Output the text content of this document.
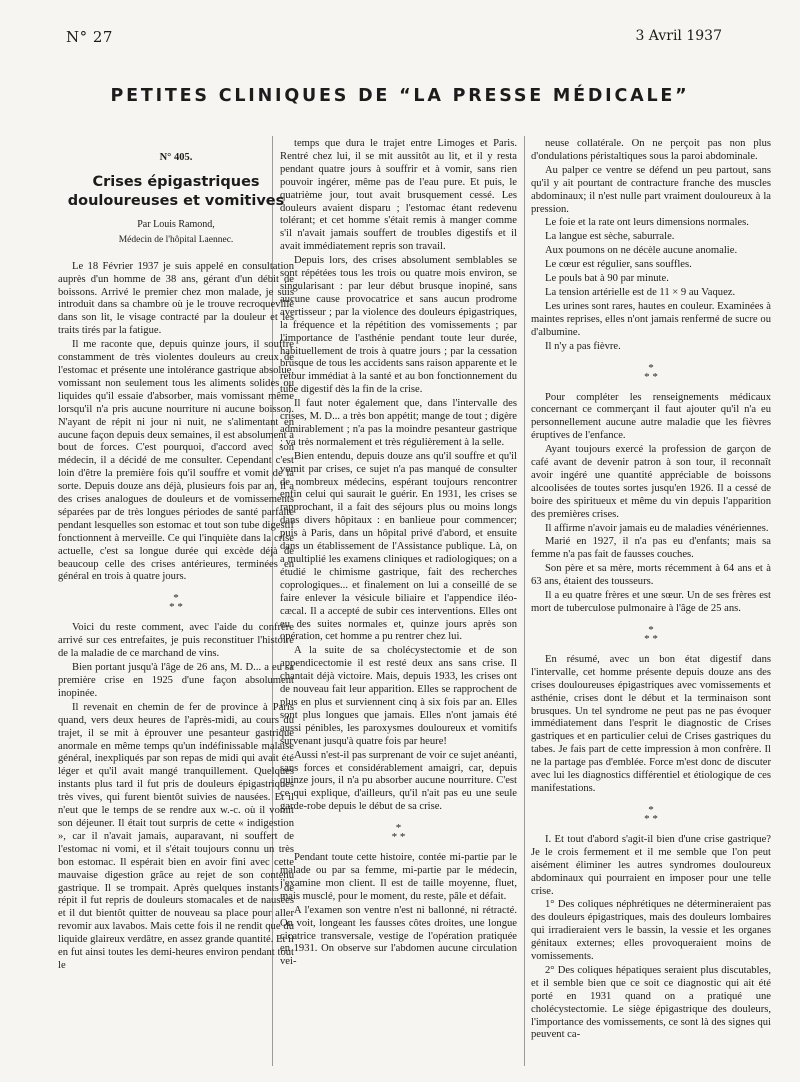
N° 27	3 Avril 1937
PETITES CLINIQUES DE “LA PRESSE MÉDICALE”
N° 405.
Crises épigastriques
douloureuses et vomitives

Par Louis Ramond,

Médecin de l'hôpital Laennec.

Le 18 Février 1937 je suis appelé en consultation auprès d'un homme de 38 ans, gérant d'un débit de boissons. Arrivé le premier chez mon malade, je suis introduit dans sa chambre où je le trouve recroquevillé dans son lit, le visage contracté par la douleur et les traits tirés par la fatigue.

Il me raconte que, depuis quinze jours, il souffre constamment de très violentes douleurs au creux de l'estomac et présente une intolérance gastrique absolue, vomissant non seulement tous les aliments solides ou liquides qu'il essaie d'absorber, mais vomissant même lorsqu'il n'a pris aucune nourriture ni aucune boisson. N'ayant de répit ni jour ni nuit, ne s'alimentant en aucune façon depuis deux semaines, il est absolument à bout de forces. C'est pourquoi, d'accord avec son médecin, il a décidé de me consulter. Cependant c'est loin d'être la première fois qu'il souffre et vomit de la sorte. Depuis douze ans déjà, plusieurs fois par an, il a des crises analogues de douleurs et de vomissements séparées par de très longues périodes de santé parfaite pendant lesquelles son estomac et tout son tube digestif fonctionnent à merveille. Ce qui l'inquiète dans la crise actuelle, c'est sa longue durée qui excède déjà de beaucoup celle des crises antérieures, terminées en général en trois à quatre jours.

*
* *

Voici du reste comment, avec l'aide du confrère arrivé sur ces entrefaites, je puis reconstituer l'histoire de la maladie de ce marchand de vins.

Bien portant jusqu'à l'âge de 26 ans, M. D... a eu sa première crise en 1925 d'une façon absolument inopinée.

Il revenait en chemin de fer de province à Paris quand, vers deux heures de l'après-midi, au cours du trajet, il se mit à éprouver une pesanteur gastrique anormale en même temps qu'un indéfinissable malaise général, inexpliqués par son repas de midi qui avait été léger et qu'il avait mangé tranquillement. Quelques instants plus tard il fut pris de douleurs épigastriques très vives, qui furent bientôt suivies de nausées. Et il n'eut que le temps de se rendre aux w.-c. où il vomit son déjeuner. Il était tout surpris de cette « indigestion », car il n'avait jamais, auparavant, ni souffert de l'estomac ni vomi, et il s'était toujours connu un très bon estomac. Il espérait bien en avoir fini avec cette mauvaise digestion grâce au rejet de son contenu gastrique. Il se trompait. Après quelques instants de répit il fut repris de douleurs stomacales et de nausées et il dut bientôt quitter de nouveau sa place pour aller revomir aux lavabos. Mais cette fois il ne rendit que du liquide glaireux verdâtre, en assez grande quantité. Et il en fut ainsi toutes les demi-heures environ pendant tout le

temps que dura le trajet entre Limoges et Paris. Rentré chez lui, il se mit aussitôt au lit, et il y resta pendant quatre jours à souffrir et à vomir, sans rien pouvoir ingérer, même pas de l'eau pure. Et puis, le quatrième jour, tout avait brusquement cessé. Les douleurs avaient disparu ; l'estomac étant redevenu tolérant; et cet homme s'était remis à manger comme s'il n'avait jamais souffert de troubles digestifs et il avait immédiatement repris son travail.

Depuis lors, des crises absolument semblables se sont répétées tous les trois ou quatre mois environ, se singularisant : par leur début brusque inopiné, sans aucune cause provocatrice et sans aucun prodrome avertisseur ; par la violence des douleurs épigastriques, la fréquence et la répétition des vomissements ; par l'importance de l'asthénie pendant toute leur durée, habituellement de trois à quatre jours ; par la cessation brusque de tous les accidents sans raison apparente et le retour immédiat à la santé et au bon fonctionnement du tube digestif dès la fin de la crise.

Il faut noter également que, dans l'intervalle des crises, M. D... a très bon appétit; mange de tout ; digère admirablement ; n'a pas la moindre pesanteur gastrique ; va très normalement et très régulièrement à la selle.

Bien entendu, depuis douze ans qu'il souffre et qu'il vomit par crises, ce sujet n'a pas manqué de consulter de nombreux médecins, espérant toujours rencontrer enfin celui qui saurait le guérir. En 1931, les crises se rapprochant, il a fait des séjours plus ou moins longs dans divers hôpitaux : en banlieue pour commencer; puis à Paris, dans un hôpital privé d'abord, et ensuite dans un établissement de l'Assistance publique. Là, on a multiplié les examens cliniques et radiologiques; on a étudié le chimisme gastrique, fait des recherches coprologiques... et finalement on lui a conseillé de se faire enlever la vésicule biliaire et l'appendice iléo-cæcal. Il a accepté de subir ces interventions. Elles ont eu des suites normales et, quinze jours après son opération, cet homme a pu rentrer chez lui.

A la suite de sa cholécystectomie et de son appendicectomie il est resté deux ans sans crise. Il chantait déjà victoire. Mais, depuis 1933, les crises ont de nouveau fait leur apparition. Elles se rapprochent de plus en plus et surviennent cinq à six fois par an. Elles sont plus longues que jamais. Elles n'ont jamais été aussi pénibles, les paroxysmes douloureux et vomitifs survenant jusqu'à quatre fois par heure!

Aussi n'est-il pas surprenant de voir ce sujet anéanti, sans forces et considérablement amaigri, car, depuis quinze jours, il n'a pu absorber aucune nourriture. C'est ce qui explique, d'ailleurs, qu'il n'ait pas eu une seule garde-robe depuis le début de sa crise.

*
* *

Pendant toute cette histoire, contée mi-partie par le malade ou par sa femme, mi-partie par le médecin, j'examine mon client. Il est de taille moyenne, fluet, mais musclé, pour le moment, du reste, pâle et défait.

A l'examen son ventre n'est ni ballonné, ni rétracté. On voit, longeant les fausses côtes droites, une longue cicatrice transversale, vestige de l'opération pratiquée en 1931. On observe sur l'abdomen aucune circulation vei-

neuse collatérale. On ne perçoit pas non plus d'ondulations péristaltiques sous la paroi abdominale.

Au palper ce ventre se défend un peu partout, sans qu'il y ait pourtant de contracture franche des muscles abdominaux; il n'est nulle part vraiment douloureux à la pression.

Le foie et la rate ont leurs dimensions normales.

La langue est sèche, saburrale.

Aux poumons on ne décèle aucune anomalie.

Le cœur est régulier, sans souffles.

Le pouls bat à 90 par minute.

La tension artérielle est de 11 × 9 au Vaquez.

Les urines sont rares, hautes en couleur. Examinées à maintes reprises, elles n'ont jamais renfermé de sucre ou d'albumine.

Il n'y a pas fièvre.

*
* *

Pour compléter les renseignements médicaux concernant ce commerçant il faut ajouter qu'il n'a eu personnellement aucune autre maladie que les fièvres éruptives de l'enfance.

Ayant toujours exercé la profession de garçon de café avant de devenir patron à son tour, il reconnaît avoir ingéré une quantité appréciable de boissons alcoolisées de toutes sortes jusqu'en 1926. Il a cessé de boire des spiritueux et même du vin depuis l'apparition des premières crises.

Il affirme n'avoir jamais eu de maladies vénériennes.

Marié en 1927, il n'a pas eu d'enfants; mais sa femme n'a pas fait de fausses couches.

Son père et sa mère, morts récemment à 64 ans et à 63 ans, étaient des tousseurs.

Il a eu quatre frères et une sœur. Un de ses frères est mort de tuberculose pulmonaire à l'âge de 25 ans.

*
* *

En résumé, avec un bon état digestif dans l'intervalle, cet homme présente depuis douze ans des crises douloureuses épigastriques avec vomissements et asthénie, crises dont le début et la terminaison sont brusques. Un tel syndrome ne peut pas ne pas évoquer immédiatement dans l'esprit le diagnostic de Crises gastriques et en particulier celui de Crises gastriques du tabes. Je fais part de cette impression à mon confrère. Il ne la partage pas d'emblée. Force m'est donc de discuter avec lui les diagnostics différentiel et étiologique de ces manifestations.

*
* *

I. Et tout d'abord s'agit-il bien d'une crise gastrique? Je le crois fermement et il me semble que l'on peut aisément éliminer les autres syndromes douloureux abdominaux qui pourraient en imposer pour une telle crise.

1° Des coliques néphrétiques ne détermineraient pas des douleurs épigastriques, mais des douleurs lombaires qui irradieraient vers le bassin, la vessie et les organes génitaux externes; elles provoqueraient moins de vomissements.

2° Des coliques hépatiques seraient plus discutables, et il semble bien que ce soit ce diagnostic qui ait été porté en 1931 quand on a pratiqué une cholécystectomie. Le siège épigastrique des douleurs, l'importance des vomissements, ce sont là des signes qui peuvent ca-
